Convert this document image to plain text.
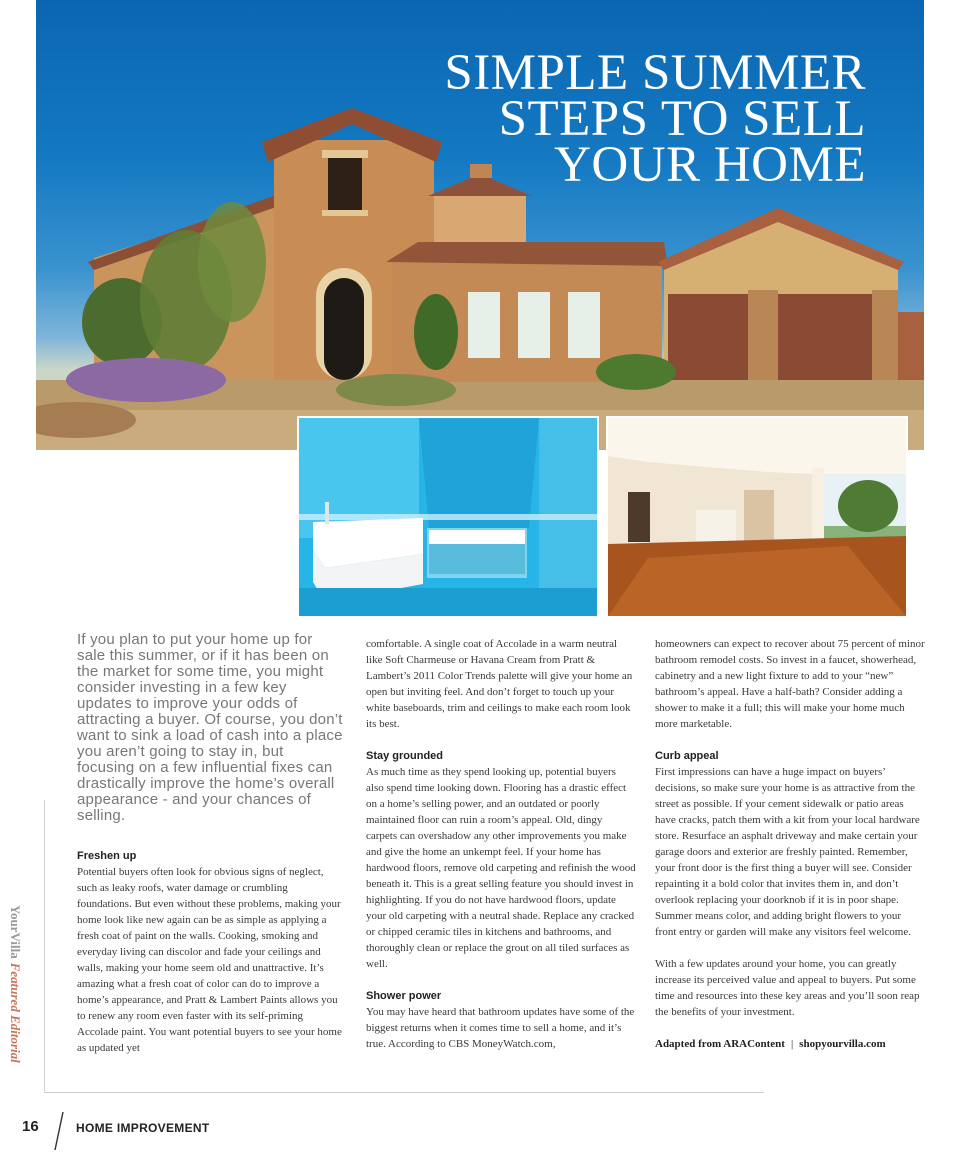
SIMPLE SUMMER
STEPS TO SELL
YOUR HOME

If you plan to put your home up for sale this summer, or if it has been on the market for some time, you might consider investing in a few key updates to improve your odds of attracting a buyer. Of course, you don’t want to sink a load of cash into a place you aren’t going to stay in, but focusing on a few influential fixes can drastically improve the home’s overall appearance - and your chances of selling.

Freshen up

Potential buyers often look for obvious signs of neglect, such as leaky roofs, water damage or crumbling foundations. But even without these problems, making your home look like new again can be as simple as applying a fresh coat of paint on the walls. Cooking, smoking and everyday living can discolor and fade your ceilings and walls, making your home seem old and unattractive. It’s amazing what a fresh coat of color can do to improve a home’s appearance, and Pratt & Lambert Paints allows you to renew any room even faster with its self-priming Accolade paint. You want potential buyers to see your home as updated yet

comfortable. A single coat of Accolade in a warm neutral like Soft Charmeuse or Havana Cream from Pratt & Lambert’s 2011 Color Trends palette will give your home an open but inviting feel. And don’t forget to touch up your white baseboards, trim and ceilings to make each room look its best.

Stay grounded

As much time as they spend looking up, potential buyers also spend time looking down. Flooring has a drastic effect on a home’s selling power, and an outdated or poorly maintained floor can ruin a room’s appeal. Old, dingy carpets can overshadow any other improvements you make and give the home an unkempt feel. If your home has hardwood floors, remove old carpeting and refinish the wood beneath it. This is a great selling feature you should invest in highlighting. If you do not have hardwood floors, update your old carpeting with a neutral shade. Replace any cracked or chipped ceramic tiles in kitchens and bathrooms, and thoroughly clean or replace the grout on all tiled surfaces as well.

Shower power

You may have heard that bathroom updates have some of the biggest returns when it comes time to sell a home, and it’s true. According to CBS MoneyWatch.com,

homeowners can expect to recover about 75 percent of minor bathroom remodel costs. So invest in a faucet, showerhead, cabinetry and a new light fixture to add to your “new” bathroom’s appeal. Have a half-bath? Consider adding a shower to make it a full; this will make your home much more marketable.

Curb appeal

First impressions can have a huge impact on buyers’ decisions, so make sure your home is as attractive from the street as possible. If your cement sidewalk or patio areas have cracks, patch them with a kit from your local hardware store. Resurface an asphalt driveway and make certain your garage doors and exterior are freshly painted. Remember, your front door is the first thing a buyer will see. Consider repainting it a bold color that invites them in, and don’t overlook replacing your doorknob if it is in poor shape. Summer means color, and adding bright flowers to your front entry or garden will make any visitors feel welcome.

With a few updates around your home, you can greatly increase its perceived value and appeal to buyers. Put some time and resources into these key areas and you’ll soon reap the benefits of your investment.

Adapted from ARAContent | shopyourvilla.com
YourVillaFeatured Editorial
16	HOME IMPROVEMENT
